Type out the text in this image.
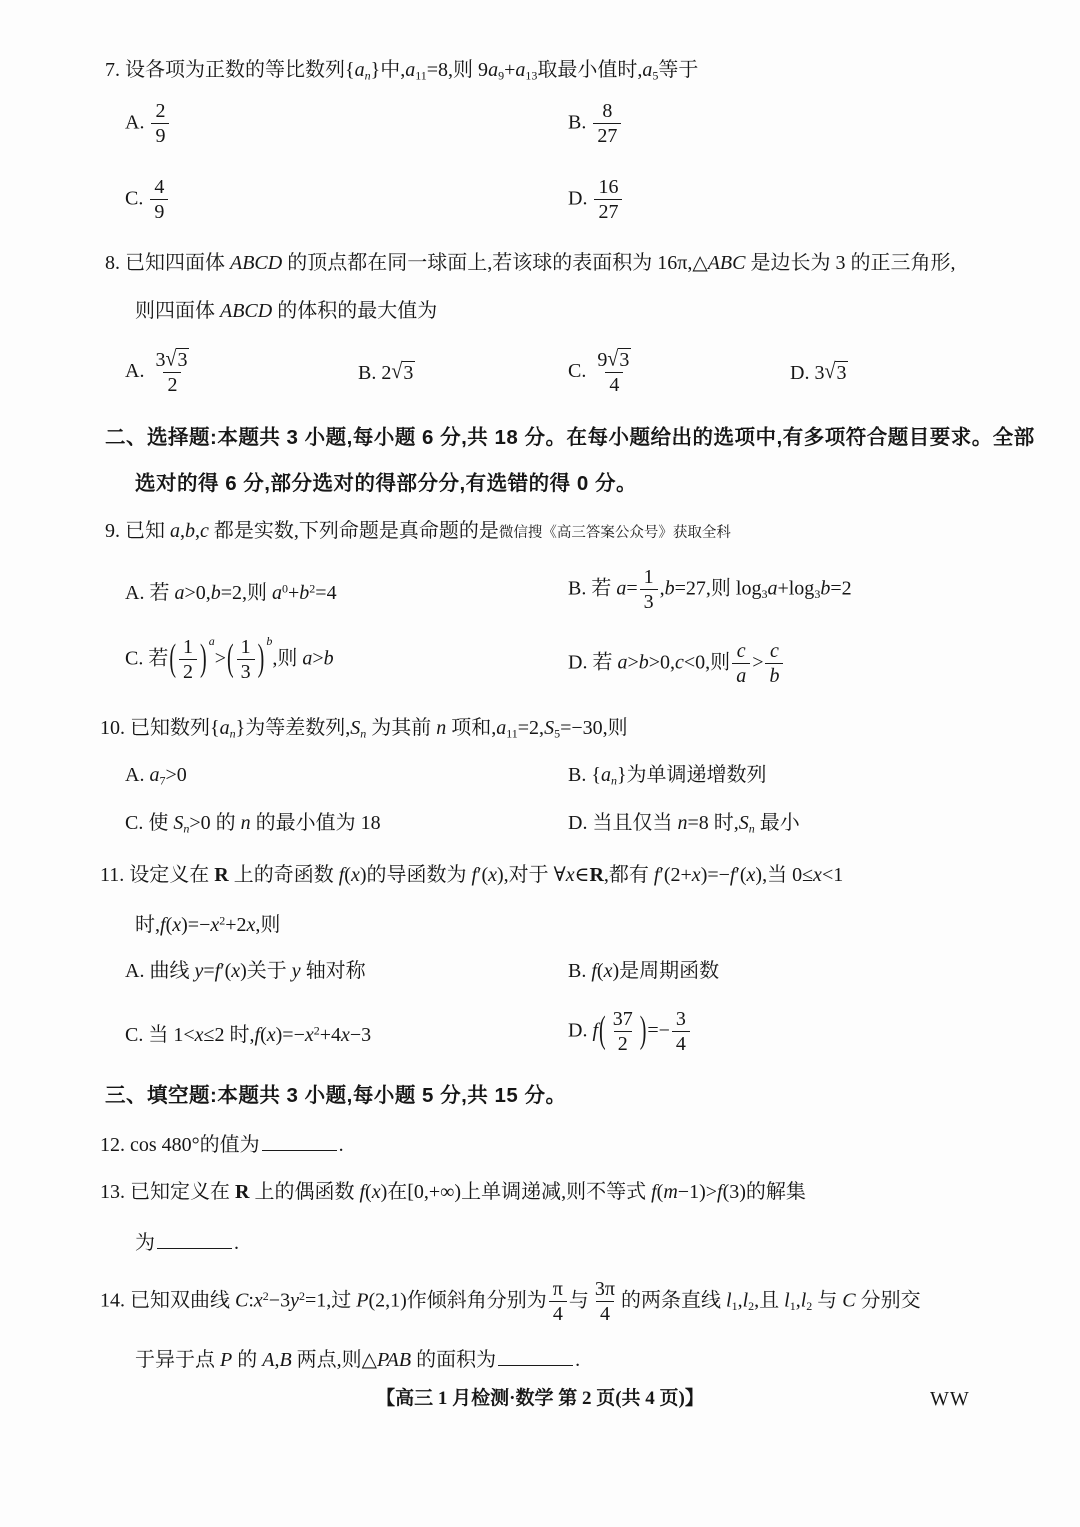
7. 设各项为正数的等比数列$\{a_n\}$中$,a_{11}=8$,则 $9a_9+a_{13}$取最小值时$,a_5$等于
A. $\frac{2}{9}$	B. $\frac{8}{27}$
C. $\frac{4}{9}$	D. $\frac{16}{27}$
8. 已知四面体 ABCD 的顶点都在同一球面上,若该球的表面积为 16π,△ABC 是边长为 3 的正三角形,
则四面体 ABCD 的体积的最大值为
A. $\frac{3√3}{2}$	B. 2√3	C. $\frac{9√3}{4}$	D. 3√3
二、选择题:本题共 3 小题,每小题 6 分,共 18 分。在每小题给出的选项中,有多项符合题目要求。全部
选对的得 6 分,部分选对的得部分分,有选错的得 0 分。
9. 已知 a,b,c 都是实数,下列命题是真命题的是微信搜《高三答案公众号》获取全科
A. 若 a>0,b=2,则 $a^0+b^2=4$	B. 若 $a= \frac{1}{3} ,b=27$,则 $\log_3a+\log_3b=2$
C. 若 ( $\frac{1}{2}$ ) a
> ( $\frac{1}{3}$ ) b
,则 a>b	D. 若 a>b>0,c<0,则 $\frac{c}{a} > \frac{c}{b}$
10. 已知数列$\{a_n\}$为等差数列$,S_n$ 为其前 n 项和$,a_{11}=2,S_5=-30$,则
A. $a_7>0$	B. $\{a_n\}$为单调递增数列
C. 使 $S_n>0$ 的 n 的最小值为 18	D. 当且仅当 n=8 时$,S_n$ 最小
11. 设定义在 R 上的奇函数 f(x)的导函数为 f′(x),对于 ∀x∈R,都有 f′(2+x)=−f′(x),当 0≤x<1
时$,f(x)=-x^2+2x$,则
A. 曲线 y=f′(x)关于 y 轴对称	B. f(x)是周期函数
C. 当 1<x≤2 时$,f(x)=-x^2+4x-3$	D. f ( $\frac{37}{2}$ ) =− $\frac{3}{4}$
三、填空题:本题共 3 小题,每小题 5 分,共 15 分。
12. cos 480°的值为	.
13. 已知定义在 R 上的偶函数 f(x)在[0,+∞)上单调递减,则不等式 f(m−1)>f(3)的解集
为	.
14. 已知双曲线 $C:x^2-3y^2=1$,过 P(2,1)作倾斜角分别为 $\frac{\pi}{4}$ 与 $\frac{3\pi}{4}$ 的两条直线 $l_1,l_2$,且 $l_1,l_2$ 与 C 分别交
于异于点 P 的 A,B 两点,则△PAB 的面积为	.
【高三 1 月检测·数学 第 2 页(共 4 页)】	WW
